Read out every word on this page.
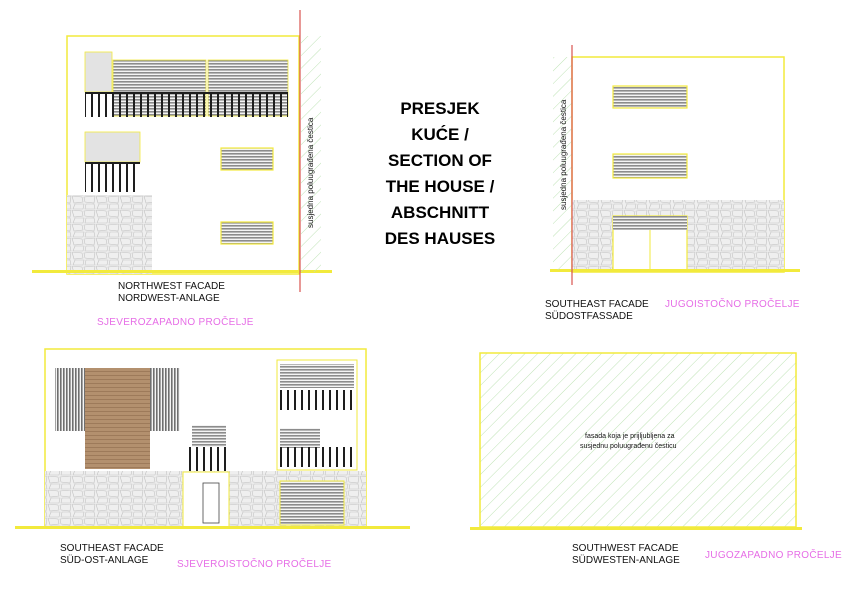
PRESJEK
KUĆE /
SECTION OF
THE HOUSE /
ABSCHNITT
DES HAUSES
NORTHWEST FACADE
NORDWEST-ANLAGE
SJEVEROZAPADNO PROČELJE
susjedna poluugrađena čestica
SOUTHEAST FACADE
SÜDOSTFASSADE
JUGOISTOČNO PROČELJE
susjedna poluugrađena čestica
SOUTHEAST FACADE
SÜD-OST-ANLAGE	SJEVEROISTOČNO PROČELJE
fasada koja je prijljubljena za
susjednu poluugrađenu česticu
SOUTHWEST FACADE
SÜDWESTEN-ANLAGE	JUGOZAPADNO PROČELJE
